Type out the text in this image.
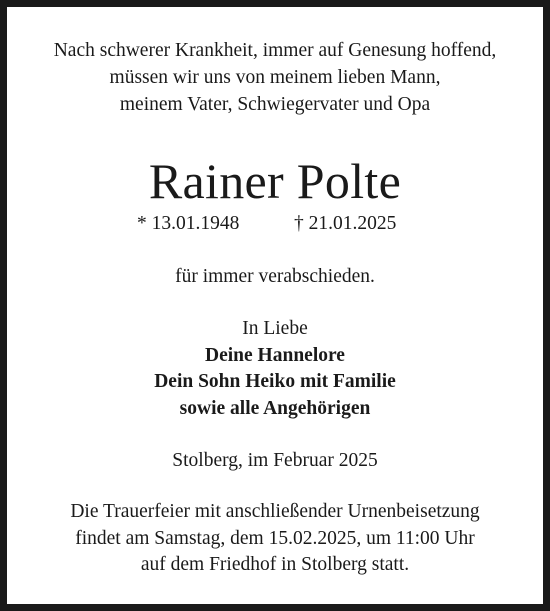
Nach schwerer Krankheit, immer auf Genesung hoffend,
müssen wir uns von meinem lieben Mann,
meinem Vater, Schwiegervater und Opa
Rainer Polte
* 13.01.1948	† 21.01.2025
für immer verabschieden.
In Liebe
Deine Hannelore
Dein Sohn Heiko mit Familie
sowie alle Angehörigen
Stolberg, im Februar 2025
Die Trauerfeier mit anschließender Urnenbeisetzung
findet am Samstag, dem 15.02.2025, um 11:00 Uhr
auf dem Friedhof in Stolberg statt.
